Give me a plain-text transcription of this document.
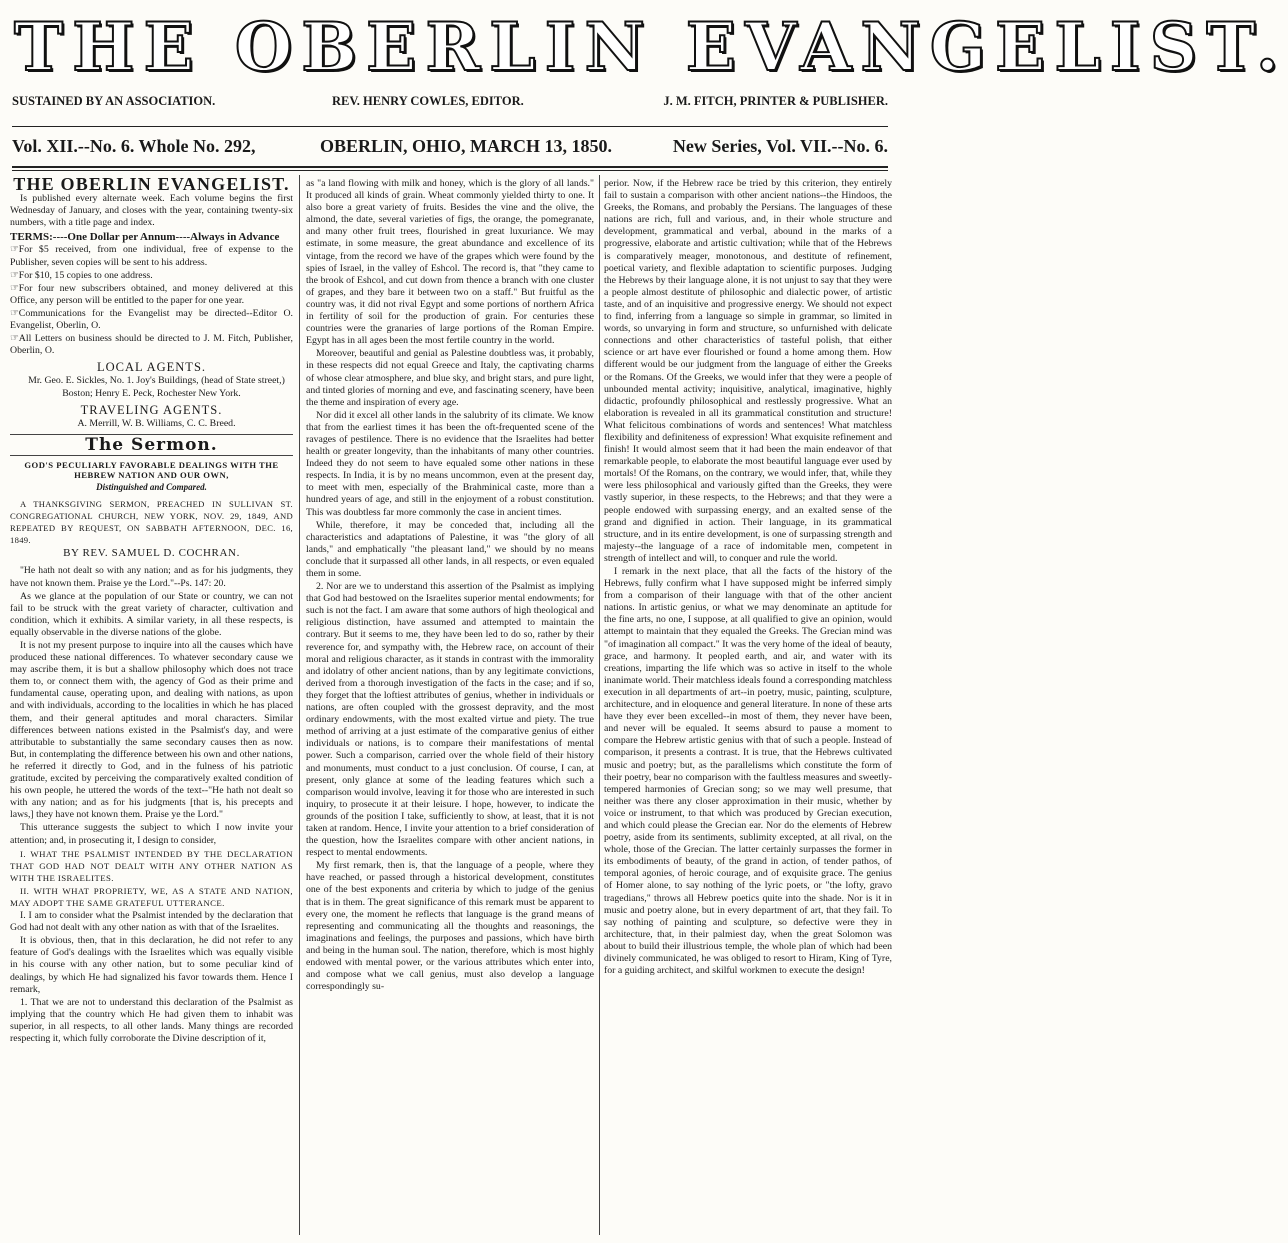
THE OBERLIN EVANGELIST.
SUSTAINED BY AN ASSOCIATION.	REV. HENRY COWLES, EDITOR.	J. M. FITCH, PRINTER & PUBLISHER.
Vol. XII.--No. 6. Whole No. 292,	OBERLIN, OHIO, MARCH 13, 1850.	New Series, Vol. VII.--No. 6.
THE OBERLIN EVANGELIST.

Is published every alternate week. Each volume begins the first Wednesday of January, and closes with the year, containing twenty-six numbers, with a title page and index.

TERMS:----One Dollar per Annum----Always in Advance

☞For $5 received, from one individual, free of expense to the Publisher, seven copies will be sent to his address.

☞For $10, 15 copies to one address.

☞For four new subscribers obtained, and money delivered at this Office, any person will be entitled to the paper for one year.

☞Communications for the Evangelist may be directed--Editor O. Evangelist, Oberlin, O.

☞All Letters on business should be directed to J. M. Fitch, Publisher, Oberlin, O.

LOCAL AGENTS.

Mr. Geo. E. Sickles, No. 1. Joy's Buildings, (head of State street,) Boston; Henry E. Peck, Rochester New York.

TRAVELING AGENTS.

A. Merrill, W. B. Williams, C. C. Breed.

The Sermon.
GOD'S PECULIARLY FAVORABLE DEALINGS WITH THE HEBREW NATION AND OUR OWN,
Distinguished and Compared.

A THANKSGIVING SERMON, PREACHED IN SULLIVAN ST. CONGREGATIONAL CHURCH, NEW YORK, NOV. 29, 1849, AND REPEATED BY REQUEST, ON SABBATH AFTERNOON, DEC. 16, 1849.

BY REV. SAMUEL D. COCHRAN.

"He hath not dealt so with any nation; and as for his judgments, they have not known them. Praise ye the Lord."--Ps. 147: 20.

As we glance at the population of our State or country, we can not fail to be struck with the great variety of character, cultivation and condition, which it exhibits. A similar variety, in all these respects, is equally observable in the diverse nations of the globe.

It is not my present purpose to inquire into all the causes which have produced these national differences. To whatever secondary cause we may ascribe them, it is but a shallow philosophy which does not trace them to, or connect them with, the agency of God as their prime and fundamental cause, operating upon, and dealing with nations, as upon and with individuals, according to the localities in which he has placed them, and their general aptitudes and moral characters. Similar differences between nations existed in the Psalmist's day, and were attributable to substantially the same secondary causes then as now. But, in contemplating the difference between his own and other nations, he referred it directly to God, and in the fulness of his patriotic gratitude, excited by perceiving the comparatively exalted condition of his own people, he uttered the words of the text--"He hath not dealt so with any nation; and as for his judgments [that is, his precepts and laws,] they have not known them. Praise ye the Lord."

This utterance suggests the subject to which I now invite your attention; and, in prosecuting it, I design to consider,

I. WHAT THE PSALMIST INTENDED BY THE DECLARATION THAT GOD HAD NOT DEALT WITH ANY OTHER NATION AS WITH THE ISRAELITES.

II. WITH WHAT PROPRIETY, WE, AS A STATE AND NATION, MAY ADOPT THE SAME GRATEFUL UTTERANCE.

I. I am to consider what the Psalmist intended by the declaration that God had not dealt with any other nation as with that of the Israelites.

It is obvious, then, that in this declaration, he did not refer to any feature of God's dealings with the Israelites which was equally visible in his course with any other nation, but to some peculiar kind of dealings, by which He had signalized his favor towards them. Hence I remark,

1. That we are not to understand this declaration of the Psalmist as implying that the country which He had given them to inhabit was superior, in all respects, to all other lands. Many things are recorded respecting it, which fully corroborate the Divine description of it,

as "a land flowing with milk and honey, which is the glory of all lands." It produced all kinds of grain. Wheat commonly yielded thirty to one. It also bore a great variety of fruits. Besides the vine and the olive, the almond, the date, several varieties of figs, the orange, the pomegranate, and many other fruit trees, flourished in great luxuriance. We may estimate, in some measure, the great abundance and excellence of its vintage, from the record we have of the grapes which were found by the spies of Israel, in the valley of Eshcol. The record is, that "they came to the brook of Eshcol, and cut down from thence a branch with one cluster of grapes, and they bare it between two on a staff." But fruitful as the country was, it did not rival Egypt and some portions of northern Africa in fertility of soil for the production of grain. For centuries these countries were the granaries of large portions of the Roman Empire. Egypt has in all ages been the most fertile country in the world.

Moreover, beautiful and genial as Palestine doubtless was, it probably, in these respects did not equal Greece and Italy, the captivating charms of whose clear atmosphere, and blue sky, and bright stars, and pure light, and tinted glories of morning and eve, and fascinating scenery, have been the theme and inspiration of every age.

Nor did it excel all other lands in the salubrity of its climate. We know that from the earliest times it has been the oft-frequented scene of the ravages of pestilence. There is no evidence that the Israelites had better health or greater longevity, than the inhabitants of many other countries. Indeed they do not seem to have equaled some other nations in these respects. In India, it is by no means uncommon, even at the present day, to meet with men, especially of the Brahminical caste, more than a hundred years of age, and still in the enjoyment of a robust constitution. This was doubtless far more commonly the case in ancient times.

While, therefore, it may be conceded that, including all the characteristics and adaptations of Palestine, it was "the glory of all lands," and emphatically "the pleasant land," we should by no means conclude that it surpassed all other lands, in all respects, or even equaled them in some.

2. Nor are we to understand this assertion of the Psalmist as implying that God had bestowed on the Israelites superior mental endowments; for such is not the fact. I am aware that some authors of high theological and religious distinction, have assumed and attempted to maintain the contrary. But it seems to me, they have been led to do so, rather by their reverence for, and sympathy with, the Hebrew race, on account of their moral and religious character, as it stands in contrast with the immorality and idolatry of other ancient nations, than by any legitimate convictions, derived from a thorough investigation of the facts in the case; and if so, they forget that the loftiest attributes of genius, whether in individuals or nations, are often coupled with the grossest depravity, and the most ordinary endowments, with the most exalted virtue and piety. The true method of arriving at a just estimate of the comparative genius of either individuals or nations, is to compare their manifestations of mental power. Such a comparison, carried over the whole field of their history and monuments, must conduct to a just conclusion. Of course, I can, at present, only glance at some of the leading features which such a comparison would involve, leaving it for those who are interested in such inquiry, to prosecute it at their leisure. I hope, however, to indicate the grounds of the position I take, sufficiently to show, at least, that it is not taken at random. Hence, I invite your attention to a brief consideration of the question, how the Israelites compare with other ancient nations, in respect to mental endowments.

My first remark, then is, that the language of a people, where they have reached, or passed through a historical development, constitutes one of the best exponents and criteria by which to judge of the genius that is in them. The great significance of this remark must be apparent to every one, the moment he reflects that language is the grand means of representing and communicating all the thoughts and reasonings, the imaginations and feelings, the purposes and passions, which have birth and being in the human soul. The nation, therefore, which is most highly endowed with mental power, or the various attributes which enter into, and compose what we call genius, must also develop a language correspondingly su-

perior. Now, if the Hebrew race be tried by this criterion, they entirely fail to sustain a comparison with other ancient nations--the Hindoos, the Greeks, the Romans, and probably the Persians. The languages of these nations are rich, full and various, and, in their whole structure and development, grammatical and verbal, abound in the marks of a progressive, elaborate and artistic cultivation; while that of the Hebrews is comparatively meager, monotonous, and destitute of refinement, poetical variety, and flexible adaptation to scientific purposes. Judging the Hebrews by their language alone, it is not unjust to say that they were a people almost destitute of philosophic and dialectic power, of artistic taste, and of an inquisitive and progressive energy. We should not expect to find, inferring from a language so simple in grammar, so limited in words, so unvarying in form and structure, so unfurnished with delicate connections and other characteristics of tasteful polish, that either science or art have ever flourished or found a home among them. How different would be our judgment from the language of either the Greeks or the Romans. Of the Greeks, we would infer that they were a people of unbounded mental activity; inquisitive, analytical, imaginative, highly didactic, profoundly philosophical and restlessly progressive. What an elaboration is revealed in all its grammatical constitution and structure! What felicitous combinations of words and sentences! What matchless flexibility and definiteness of expression! What exquisite refinement and finish! It would almost seem that it had been the main endeavor of that remarkable people, to elaborate the most beautiful language ever used by mortals! Of the Romans, on the contrary, we would infer, that, while they were less philosophical and variously gifted than the Greeks, they were vastly superior, in these respects, to the Hebrews; and that they were a people endowed with surpassing energy, and an exalted sense of the grand and dignified in action. Their language, in its grammatical structure, and in its entire development, is one of surpassing strength and majesty--the language of a race of indomitable men, competent in strength of intellect and will, to conquer and rule the world.

I remark in the next place, that all the facts of the history of the Hebrews, fully confirm what I have supposed might be inferred simply from a comparison of their language with that of the other ancient nations. In artistic genius, or what we may denominate an aptitude for the fine arts, no one, I suppose, at all qualified to give an opinion, would attempt to maintain that they equaled the Greeks. The Grecian mind was "of imagination all compact." It was the very home of the ideal of beauty, grace, and harmony. It peopled earth, and air, and water with its creations, imparting the life which was so active in itself to the whole inanimate world. Their matchless ideals found a corresponding matchless execution in all departments of art--in poetry, music, painting, sculpture, architecture, and in eloquence and general literature. In none of these arts have they ever been excelled--in most of them, they never have been, and never will be equaled. It seems absurd to pause a moment to compare the Hebrew artistic genius with that of such a people. Instead of comparison, it presents a contrast. It is true, that the Hebrews cultivated music and poetry; but, as the parallelisms which constitute the form of their poetry, bear no comparison with the faultless measures and sweetly-tempered harmonies of Grecian song; so we may well presume, that neither was there any closer approximation in their music, whether by voice or instrument, to that which was produced by Grecian execution, and which could please the Grecian ear. Nor do the elements of Hebrew poetry, aside from its sentiments, sublimity excepted, at all rival, on the whole, those of the Grecian. The latter certainly surpasses the former in its embodiments of beauty, of the grand in action, of tender pathos, of temporal agonies, of heroic courage, and of exquisite grace. The genius of Homer alone, to say nothing of the lyric poets, or "the lofty, gravo tragedians," throws all Hebrew poetics quite into the shade. Nor is it in music and poetry alone, but in every department of art, that they fail. To say nothing of painting and sculpture, so defective were they in architecture, that, in their palmiest day, when the great Solomon was about to build their illustrious temple, the whole plan of which had been divinely communicated, he was obliged to resort to Hiram, King of Tyre, for a guiding architect, and skilful workmen to execute the design!
